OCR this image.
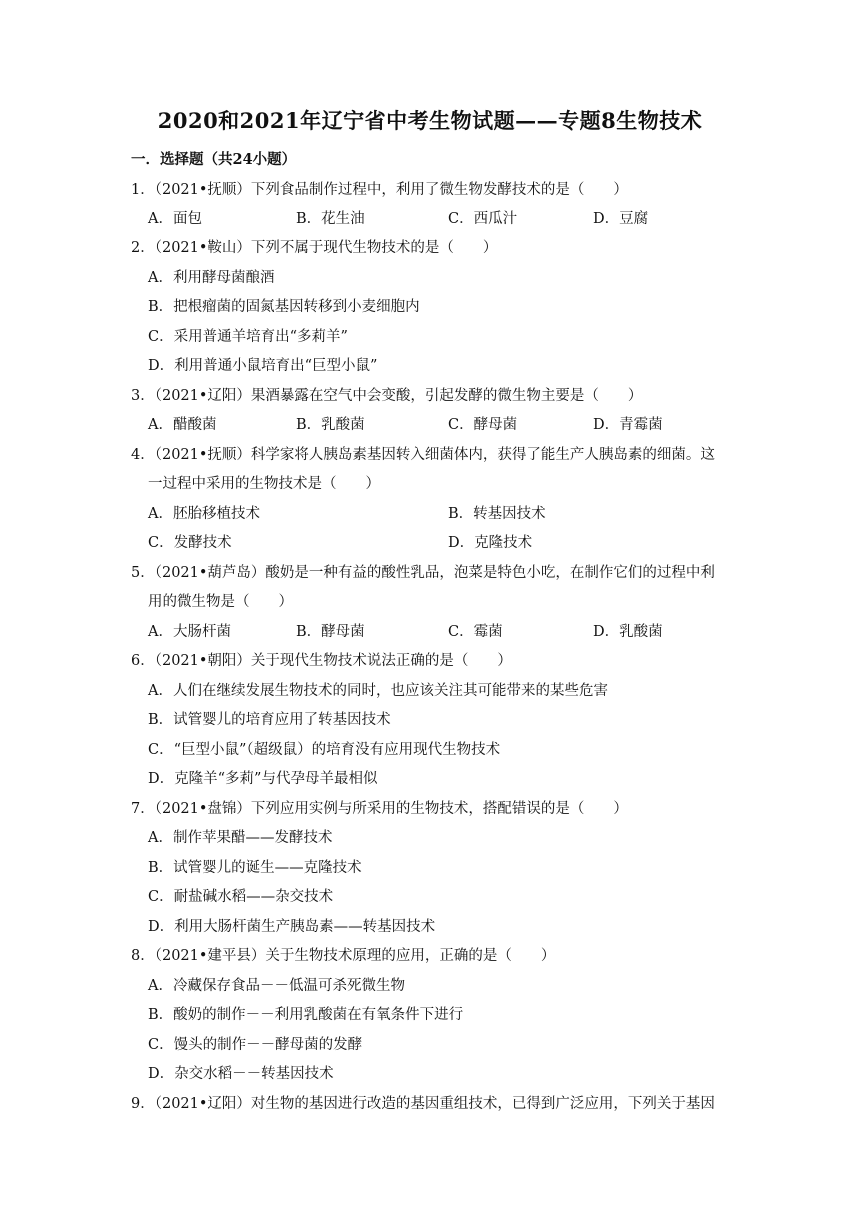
2020和2021年辽宁省中考生物试题——专题8生物技术
一．选择题（共24小题）
1．（2021•抚顺）下列食品制作过程中，利用了微生物发酵技术的是（　　）
A．面包	B．花生油	C．西瓜汁	D．豆腐
2．（2021•鞍山）下列不属于现代生物技术的是（　　）
A．利用酵母菌酿酒
B．把根瘤菌的固氮基因转移到小麦细胞内
C．采用普通羊培育出“多莉羊”
D．利用普通小鼠培育出“巨型小鼠”
3．（2021•辽阳）果酒暴露在空气中会变酸，引起发酵的微生物主要是（　　）
A．醋酸菌	B．乳酸菌	C．酵母菌	D．青霉菌
4．（2021•抚顺）科学家将人胰岛素基因转入细菌体内，获得了能生产人胰岛素的细菌。这
一过程中采用的生物技术是（　　）
A．胚胎移植技术	B．转基因技术
C．发酵技术	D．克隆技术
5．（2021•葫芦岛）酸奶是一种有益的酸性乳品，泡菜是特色小吃，在制作它们的过程中利
用的微生物是（　　）
A．大肠杆菌	B．酵母菌	C．霉菌	D．乳酸菌
6．（2021•朝阳）关于现代生物技术说法正确的是（　　）
A．人们在继续发展生物技术的同时，也应该关注其可能带来的某些危害
B．试管婴儿的培育应用了转基因技术
C．“巨型小鼠”（超级鼠）的培育没有应用现代生物技术
D．克隆羊“多莉”与代孕母羊最相似
7．（2021•盘锦）下列应用实例与所采用的生物技术，搭配错误的是（　　）
A．制作苹果醋——发酵技术
B．试管婴儿的诞生——克隆技术
C．耐盐碱水稻——杂交技术
D．利用大肠杆菌生产胰岛素——转基因技术
8．（2021•建平县）关于生物技术原理的应用，正确的是（　　）
A．冷藏保存食品－－低温可杀死微生物
B．酸奶的制作－－利用乳酸菌在有氧条件下进行
C．馒头的制作－－酵母菌的发酵
D．杂交水稻－－转基因技术
9．（2021•辽阳）对生物的基因进行改造的基因重组技术，已得到广泛应用，下列关于基因
